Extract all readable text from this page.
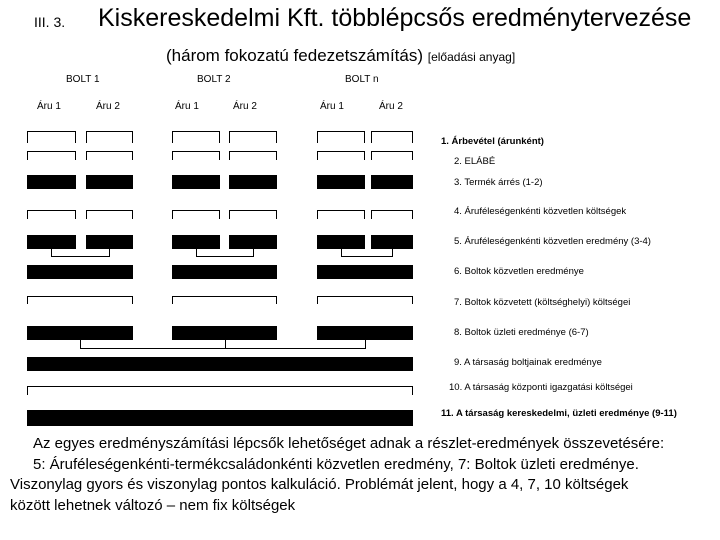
III. 3. Kiskereskedelmi Kft. többlépcsős eredménytervezése
(három fokozatú fedezetszámítás) [előadási anyag]
BOLT 1	BOLT 2	BOLT n
Áru 1	Áru 2	Áru 1	Áru 2	Áru 1	Áru 2
1. Árbevétel (árunként)
2. ELÁBÉ
3. Termék árrés (1-2)
4. Áruféleségenkénti közvetlen költségek
5. Áruféleségenkénti közvetlen eredmény (3-4)
6. Boltok közvetlen eredménye
7. Boltok közvetett (költséghelyi) költségei
8. Boltok üzleti eredménye (6-7)
9. A társaság boltjainak eredménye
10. A társaság központi igazgatási költségei
11. A társaság kereskedelmi, üzleti eredménye (9-11)
Az egyes eredményszámítási lépcsők lehetőséget adnak a részlet-eredmények összevetésére:
5: Áruféleségenkénti-termékcsaládonkénti közvetlen eredmény, 7: Boltok üzleti eredménye.
Viszonylag gyors és viszonylag pontos kalkuláció. Problémát jelent, hogy a 4, 7, 10 költségek
között lehetnek változó – nem fix költségek
